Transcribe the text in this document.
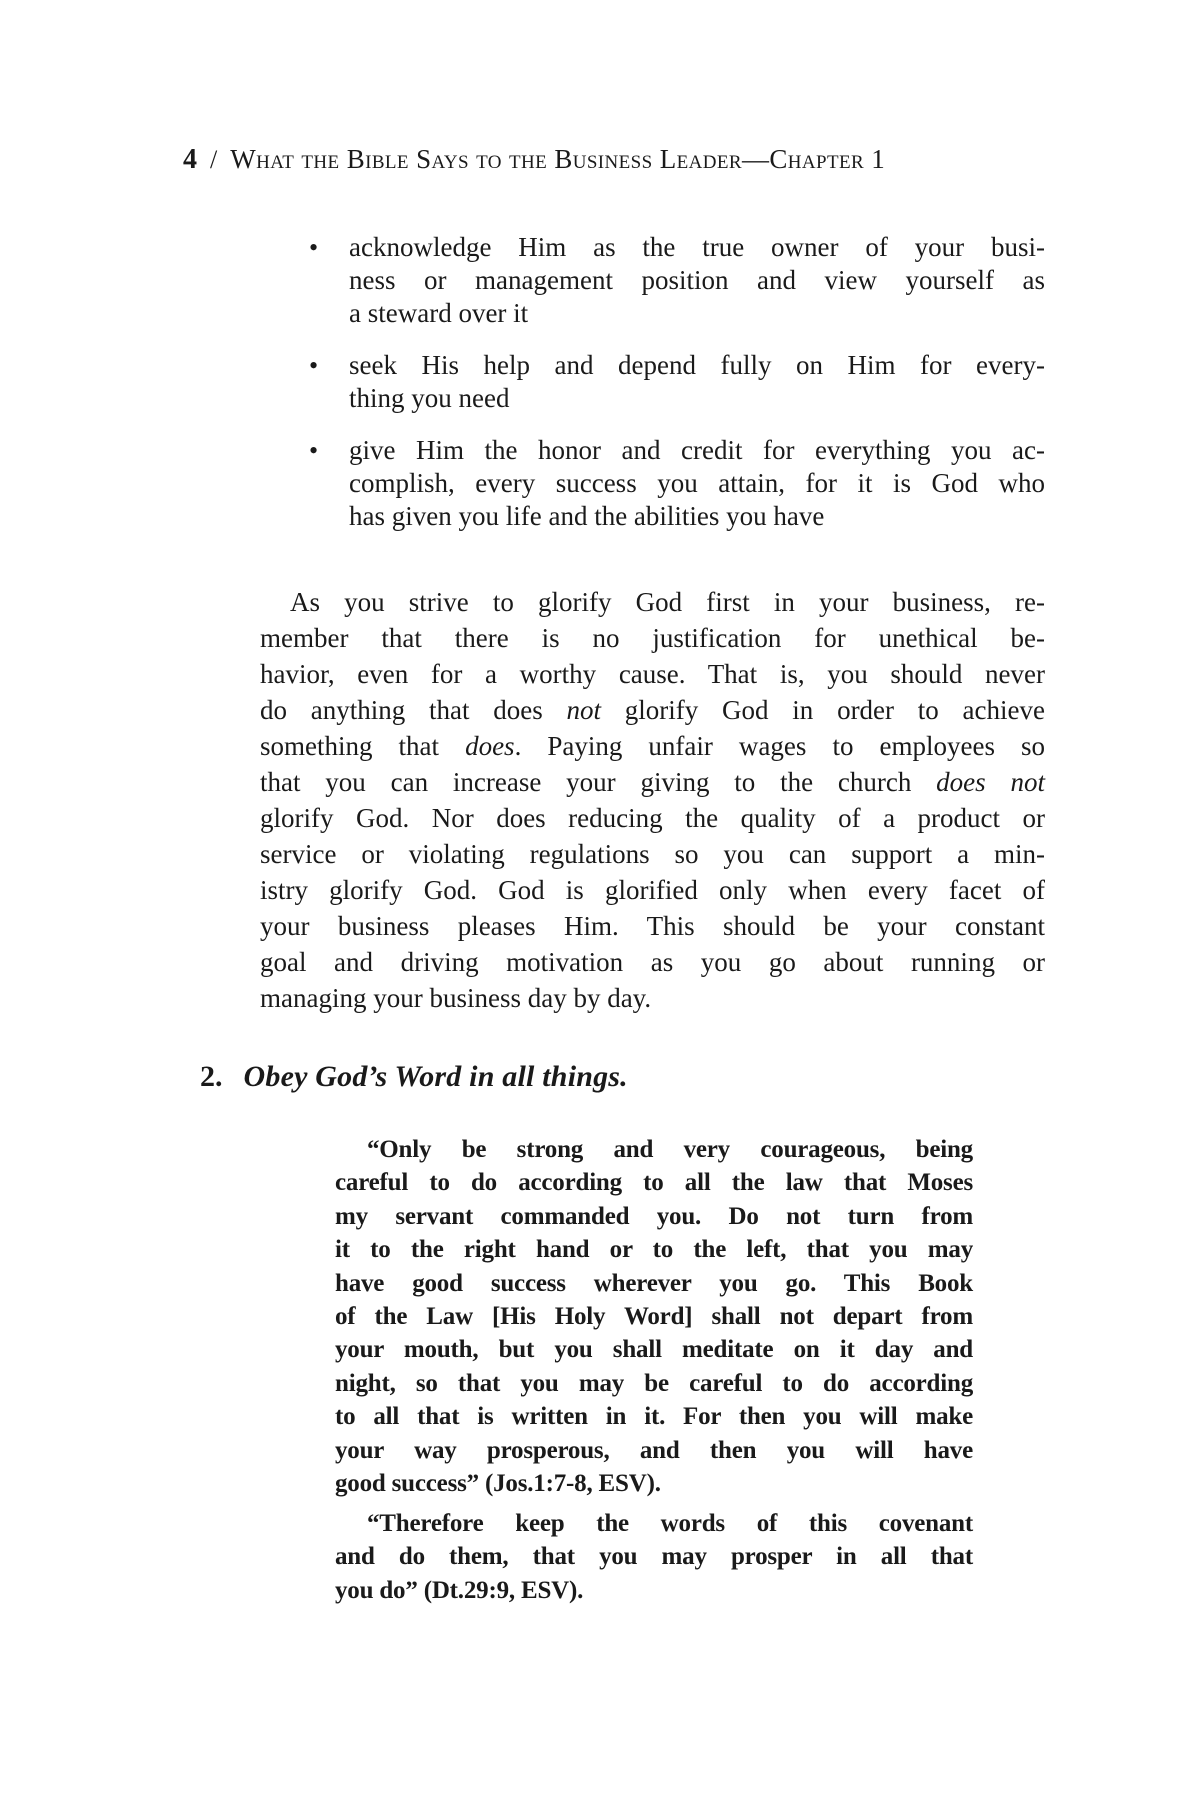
4 / What the Bible Says to the Business Leader—Chapter 1
•	acknowledge Him as the true owner of your busi-
ness or management position and view yourself as
a steward over it
•	seek His help and depend fully on Him for every-
thing you need
•	give Him the honor and credit for everything you ac-
complish, every success you attain, for it is God who
has given you life and the abilities you have
As you strive to glorify God first in your business, re-
member that there is no justification for unethical be-
havior, even for a worthy cause. That is, you should never
do anything that does not glorify God in order to achieve
something that does. Paying unfair wages to employees so
that you can increase your giving to the church does not
glorify God. Nor does reducing the quality of a product or
service or violating regulations so you can support a min-
istry glorify God. God is glorified only when every facet of
your business pleases Him. This should be your constant
goal and driving motivation as you go about running or
managing your business day by day.
2. Obey God’s Word in all things.
“Only be strong and very courageous, being
careful to do according to all the law that Moses
my servant commanded you. Do not turn from
it to the right hand or to the left, that you may
have good success wherever you go. This Book
of the Law [His Holy Word] shall not depart from
your mouth, but you shall meditate on it day and
night, so that you may be careful to do according
to all that is written in it. For then you will make
your way prosperous, and then you will have
good success” (Jos.1:7-8, ESV).
“Therefore keep the words of this covenant
and do them, that you may prosper in all that
you do” (Dt.29:9, ESV).
